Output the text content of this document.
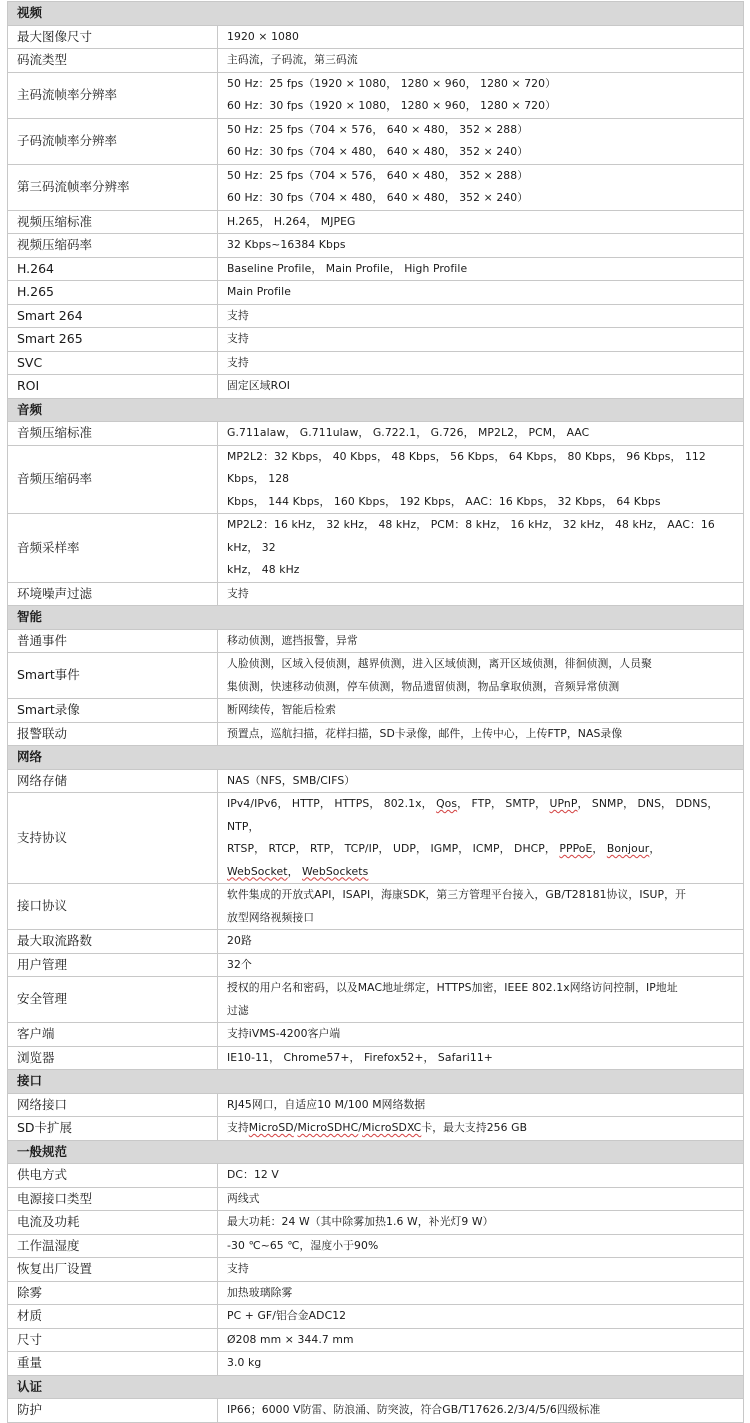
视频	
最大图像尺寸	1920 × 1080

码流类型	主码流，子码流，第三码流

主码流帧率分辨率	50 Hz：25 fps（1920 × 1080， 1280 × 960， 1280 × 720）
60 Hz：30 fps（1920 × 1080， 1280 × 960， 1280 × 720）

子码流帧率分辨率	50 Hz：25 fps（704 × 576， 640 × 480， 352 × 288）
60 Hz：30 fps（704 × 480， 640 × 480， 352 × 240）

第三码流帧率分辨率	50 Hz：25 fps（704 × 576， 640 × 480， 352 × 288）
60 Hz：30 fps（704 × 480， 640 × 480， 352 × 240）

视频压缩标准	H.265， H.264， MJPEG

视频压缩码率	32 Kbps~16384 Kbps

H.264	Baseline Profile， Main Profile， High Profile

H.265	Main Profile

Smart 264	支持

Smart 265	支持

SVC	支持

ROI	固定区域ROI

音频	
音频压缩标准	G.711alaw， G.711ulaw， G.722.1， G.726， MP2L2， PCM， AAC

音频压缩码率	MP2L2：32 Kbps， 40 Kbps， 48 Kbps， 56 Kbps， 64 Kbps， 80 Kbps， 96 Kbps， 112 Kbps， 128
Kbps， 144 Kbps， 160 Kbps， 192 Kbps， AAC：16 Kbps， 32 Kbps， 64 Kbps

音频采样率	MP2L2：16 kHz， 32 kHz， 48 kHz， PCM：8 kHz， 16 kHz， 32 kHz， 48 kHz， AAC：16 kHz， 32
kHz， 48 kHz

环境噪声过滤	支持

智能	
普通事件	移动侦测，遮挡报警，异常

Smart事件	人脸侦测，区域入侵侦测，越界侦测，进入区域侦测，离开区域侦测，徘徊侦测，人员聚
集侦测，快速移动侦测，停车侦测，物品遗留侦测，物品拿取侦测，音频异常侦测

Smart录像	断网续传，智能后检索

报警联动	预置点，巡航扫描，花样扫描，SD卡录像，邮件，上传中心，上传FTP，NAS录像

网络	
网络存储	NAS（NFS，SMB/CIFS）

支持协议	IPv4/IPv6， HTTP， HTTPS， 802.1x， Qos， FTP， SMTP， UPnP， SNMP， DNS， DDNS， NTP，
RTSP， RTCP， RTP， TCP/IP， UDP， IGMP， ICMP， DHCP， PPPoE， Bonjour， WebSocket， WebSockets

接口协议	软件集成的开放式API，ISAPI，海康SDK，第三方管理平台接入，GB/T28181协议，ISUP，开
放型网络视频接口

最大取流路数	20路

用户管理	32个

安全管理	授权的用户名和密码，以及MAC地址绑定，HTTPS加密，IEEE 802.1x网络访问控制，IP地址
过滤

客户端	支持iVMS-4200客户端

浏览器	IE10-11， Chrome57+， Firefox52+， Safari11+

接口	
网络接口	RJ45网口，自适应10 M/100 M网络数据

SD卡扩展	支持MicroSD/MicroSDHC/MicroSDXC卡，最大支持256 GB

一般规范	
供电方式	DC：12 V

电源接口类型	两线式

电流及功耗	最大功耗：24 W（其中除雾加热1.6 W，补光灯9 W）

工作温湿度	-30 ℃~65 ℃，湿度小于90%

恢复出厂设置	支持

除雾	加热玻璃除雾

材质	PC + GF/铝合金ADC12

尺寸	Ø208 mm × 344.7 mm

重量	3.0 kg

认证	
防护	IP66；6000 V防雷、防浪涌、防突波，符合GB/T17626.2/3/4/5/6四级标准
